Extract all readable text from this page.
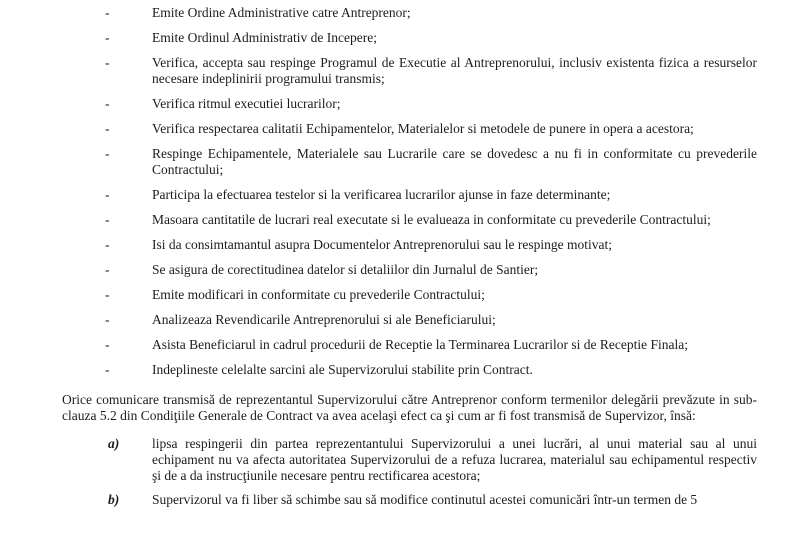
-	Emite Ordine Administrative catre Antreprenor;
-	Emite Ordinul Administrativ de Incepere;
-	Verifica, accepta sau respinge Programul de Executie al Antreprenorului, inclusiv existenta fizica a resurselor necesare indeplinirii programului transmis;
-	Verifica ritmul executiei lucrarilor;
-	Verifica respectarea calitatii Echipamentelor, Materialelor si metodele de punere in opera a acestora;
-	Respinge Echipamentele, Materialele sau Lucrarile care se dovedesc a nu fi in conformitate cu prevederile Contractului;
-	Participa la efectuarea testelor si la verificarea lucrarilor ajunse in faze determinante;
-	Masoara cantitatile de lucrari real executate si le evalueaza in conformitate cu prevederile Contractului;
-	Isi da consimtamantul asupra Documentelor Antreprenorului sau le respinge motivat;
-	Se asigura de corectitudinea datelor si detaliilor din Jurnalul de Santier;
-	Emite modificari in conformitate cu prevederile Contractului;
-	Analizeaza Revendicarile Antreprenorului si ale Beneficiarului;
-	Asista Beneficiarul in cadrul procedurii de Receptie la Terminarea Lucrarilor si de Receptie Finala;
-	Indeplineste celelalte sarcini ale Supervizorului stabilite prin Contract.
Orice comunicare transmisă de reprezentantul Supervizorului către Antreprenor conform termenilor delegării prevăzute in sub-clauza 5.2 din Condiţiile Generale de Contract va avea acelaşi efect ca şi cum ar fi fost transmisă de Supervizor, însă:
a)	lipsa respingerii din partea reprezentantului Supervizorului a unei lucrări, al unui material sau al unui echipament nu va afecta autoritatea Supervizorului de a refuza lucrarea, materialul sau echipamentul respectiv şi de a da instrucţiunile necesare pentru rectificarea acestora;
b)	Supervizorul va fi liber să schimbe sau să modifice continutul acestei comunicări într-un termen de 5
